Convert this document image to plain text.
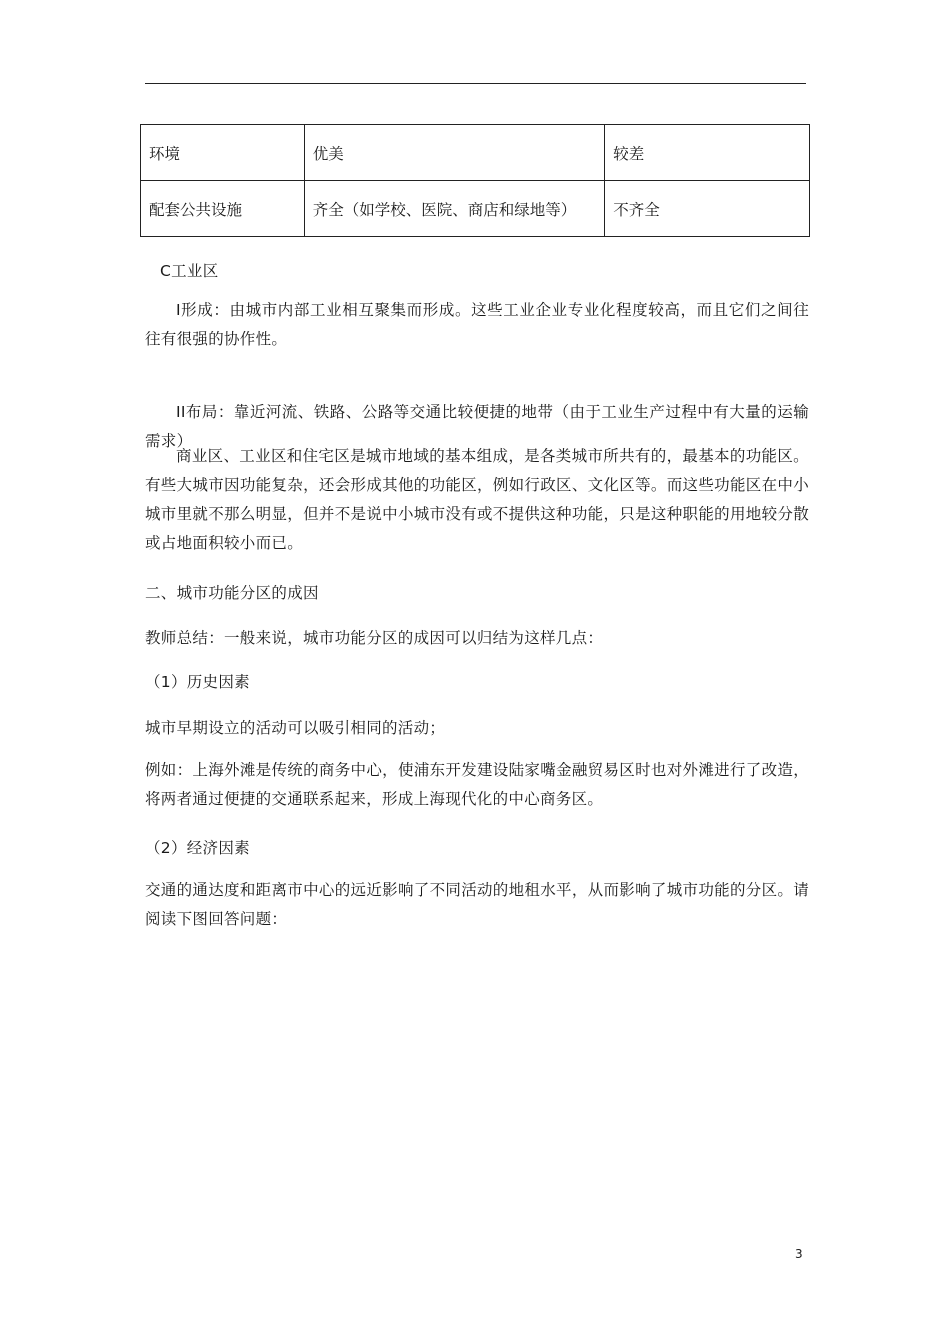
环境	优美	较差
配套公共设施	齐全（如学校、医院、商店和绿地等）	不齐全
C工业区
I形成：由城市内部工业相互聚集而形成。这些工业企业专业化程度较高，而且它们之间往往有很强的协作性。
II布局：靠近河流、铁路、公路等交通比较便捷的地带（由于工业生产过程中有大量的运输需求）
商业区、工业区和住宅区是城市地域的基本组成，是各类城市所共有的，最基本的功能区。有些大城市因功能复杂，还会形成其他的功能区，例如行政区、文化区等。而这些功能区在中小城市里就不那么明显，但并不是说中小城市没有或不提供这种功能，只是这种职能的用地较分散或占地面积较小而已。
二、城市功能分区的成因
教师总结：一般来说，城市功能分区的成因可以归结为这样几点：
（1）历史因素
城市早期设立的活动可以吸引相同的活动；
例如：上海外滩是传统的商务中心，使浦东开发建设陆家嘴金融贸易区时也对外滩进行了改造，将两者通过便捷的交通联系起来，形成上海现代化的中心商务区。
（2）经济因素
交通的通达度和距离市中心的远近影响了不同活动的地租水平，从而影响了城市功能的分区。请阅读下图回答问题：
3
